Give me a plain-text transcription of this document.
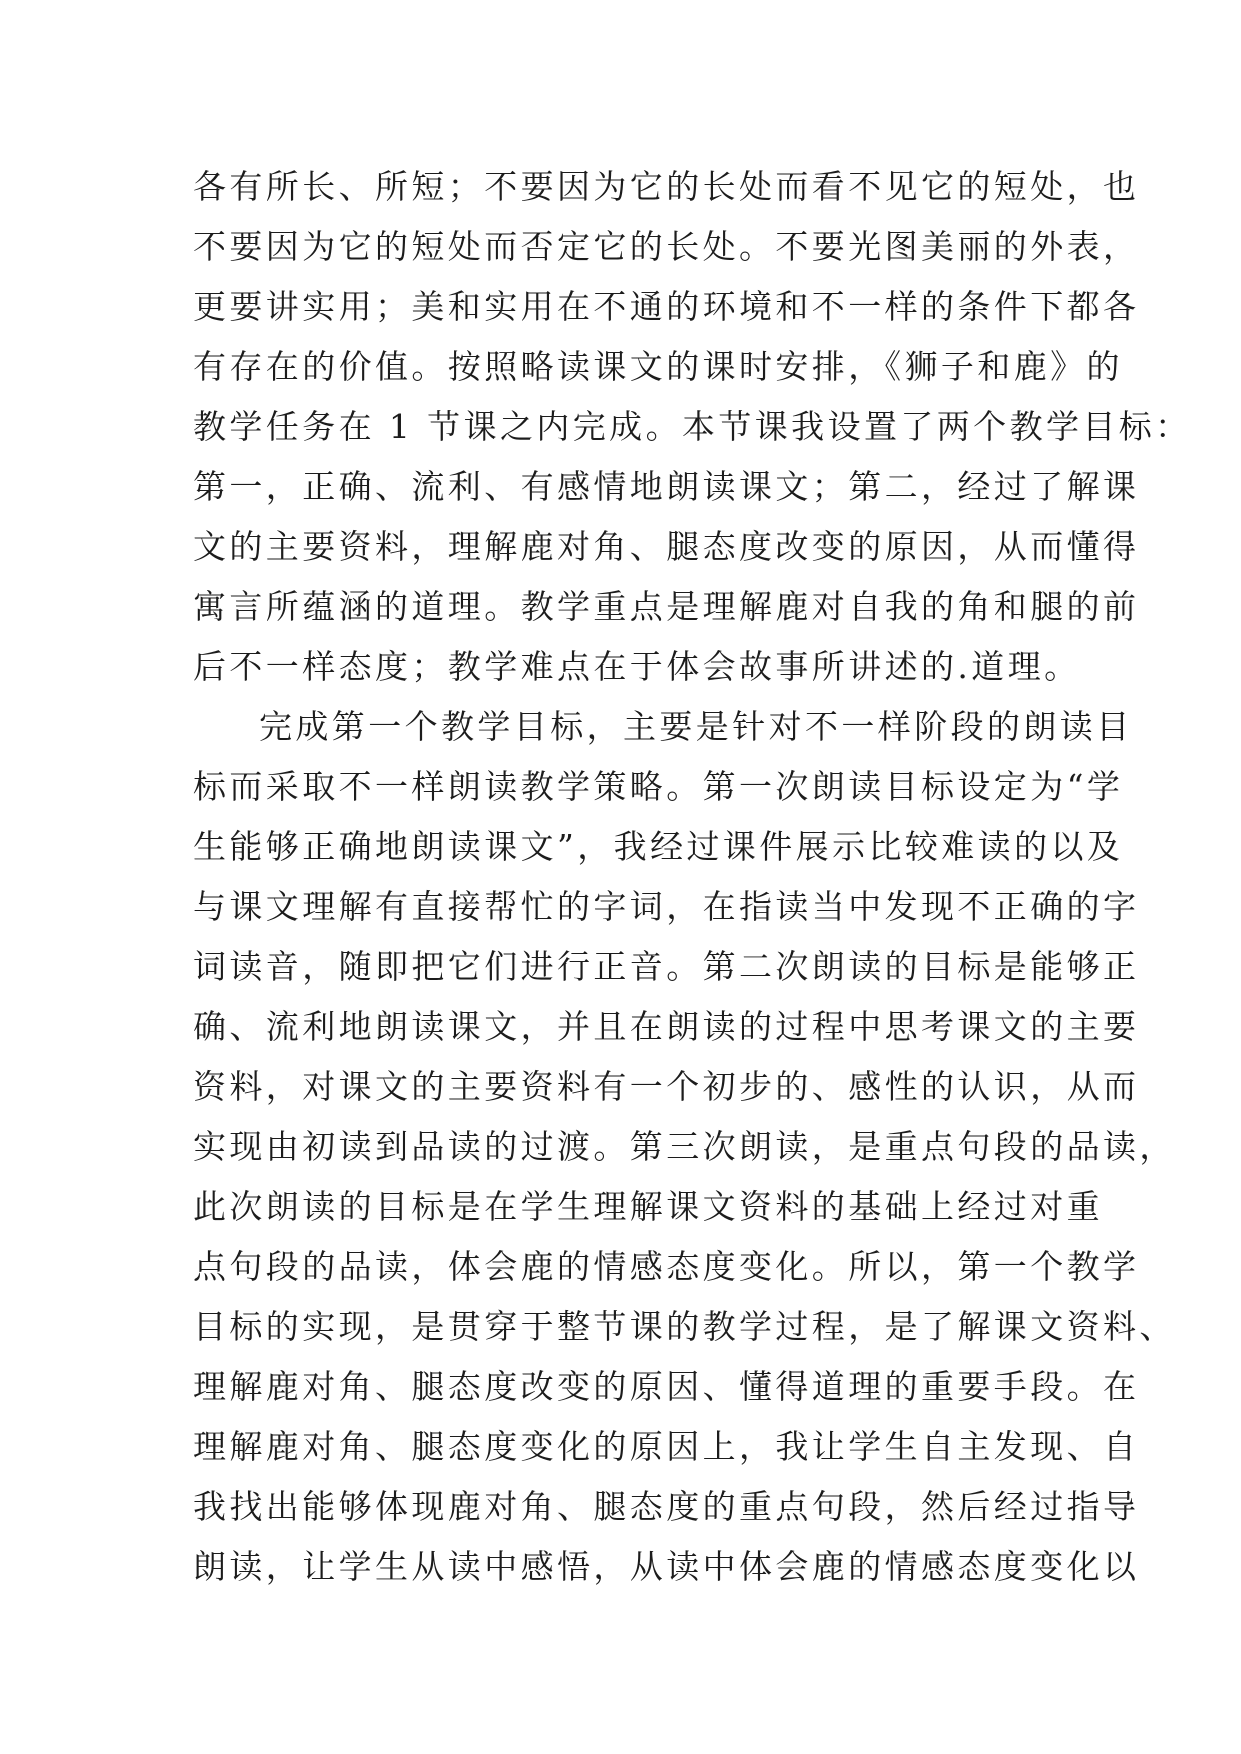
各有所长、所短；不要因为它的长处而看不见它的短处，也
不要因为它的短处而否定它的长处。不要光图美丽的外表，
更要讲实用；美和实用在不通的环境和不一样的条件下都各
有存在的价值。按照略读课文的课时安排，《狮子和鹿》的
教学任务在 1 节课之内完成。本节课我设置了两个教学目标：
第一，正确、流利、有感情地朗读课文；第二，经过了解课
文的主要资料，理解鹿对角、腿态度改变的原因，从而懂得
寓言所蕴涵的道理。教学重点是理解鹿对自我的角和腿的前
后不一样态度；教学难点在于体会故事所讲述的.道理。
完成第一个教学目标，主要是针对不一样阶段的朗读目
标而采取不一样朗读教学策略。第一次朗读目标设定为“学
生能够正确地朗读课文”，我经过课件展示比较难读的以及
与课文理解有直接帮忙的字词，在指读当中发现不正确的字
词读音，随即把它们进行正音。第二次朗读的目标是能够正
确、流利地朗读课文，并且在朗读的过程中思考课文的主要
资料，对课文的主要资料有一个初步的、感性的认识，从而
实现由初读到品读的过渡。第三次朗读，是重点句段的品读，
此次朗读的目标是在学生理解课文资料的基础上经过对重
点句段的品读，体会鹿的情感态度变化。所以，第一个教学
目标的实现，是贯穿于整节课的教学过程，是了解课文资料、
理解鹿对角、腿态度改变的原因、懂得道理的重要手段。在
理解鹿对角、腿态度变化的原因上，我让学生自主发现、自
我找出能够体现鹿对角、腿态度的重点句段，然后经过指导
朗读，让学生从读中感悟，从读中体会鹿的情感态度变化以
